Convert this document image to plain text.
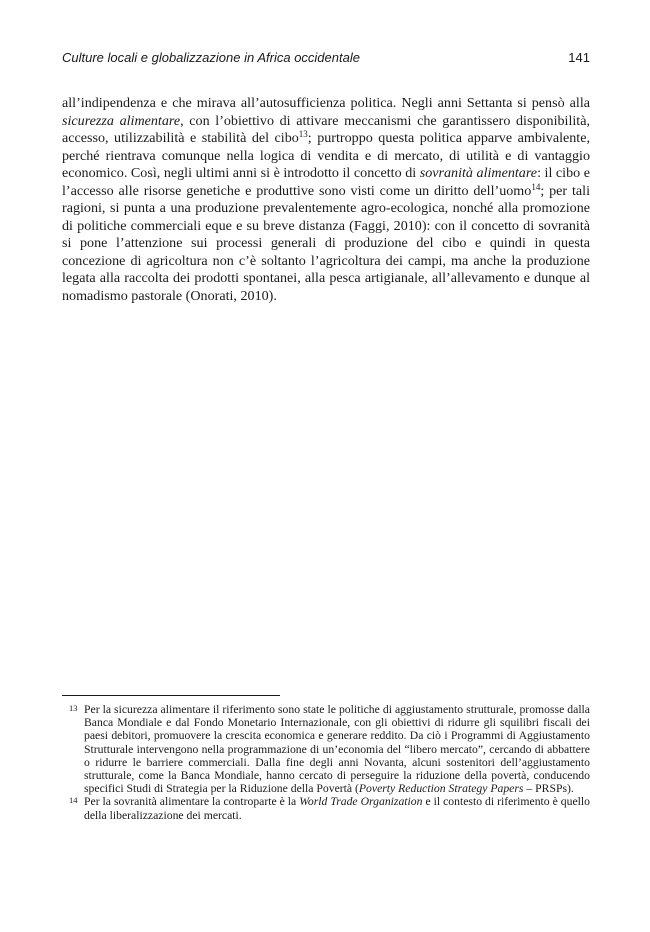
Culture locali e globalizzazione in Africa occidentale	141

all’indipendenza e che mirava all’autosufficienza politica. Negli anni Settanta si pensò alla sicurezza alimentare, con l’obiettivo di attivare meccanismi che garantissero disponibilità, accesso, utilizzabilità e stabilità del cibo$^{13}$; purtroppo questa politica apparve ambivalente, perché rientrava comunque nella logica di vendita e di mercato, di utilità e di vantaggio economico. Così, negli ultimi anni si è introdotto il concetto di sovranità alimentare: il cibo e l’accesso alle risorse genetiche e produttive sono visti come un diritto dell’uomo$^{14}$; per tali ragioni, si punta a una produzione prevalentemente agro-ecologica, nonché alla promozione di politiche commerciali eque e su breve distanza (Faggi, 2010): con il concetto di sovranità si pone l’attenzione sui processi generali di produzione del cibo e quindi in questa concezione di agricoltura non c’è soltanto l’agricoltura dei campi, ma anche la produzione legata alla raccolta dei prodotti spontanei, alla pesca artigianale, all’allevamento e dunque al nomadismo pastorale (Onorati, 2010).

13 Per la sicurezza alimentare il riferimento sono state le politiche di aggiustamento strutturale, promosse dalla Banca Mondiale e dal Fondo Monetario Internazionale, con gli obiettivi di ridurre gli squilibri fiscali dei paesi debitori, promuovere la crescita economica e generare reddito. Da ciò i Programmi di Aggiustamento Strutturale intervengono nella programmazione di un’economia del “libero mercato”, cercando di abbattere o ridurre le barriere commerciali. Dalla fine degli anni Novanta, alcuni sostenitori dell’aggiustamento strutturale, come la Banca Mondiale, hanno cercato di perseguire la riduzione della povertà, conducendo specifici Studi di Strategia per la Riduzione della Povertà (Poverty Reduction Strategy Papers – PRSPs).

14 Per la sovranità alimentare la controparte è la World Trade Organization e il contesto di riferimento è quello della liberalizzazione dei mercati.
